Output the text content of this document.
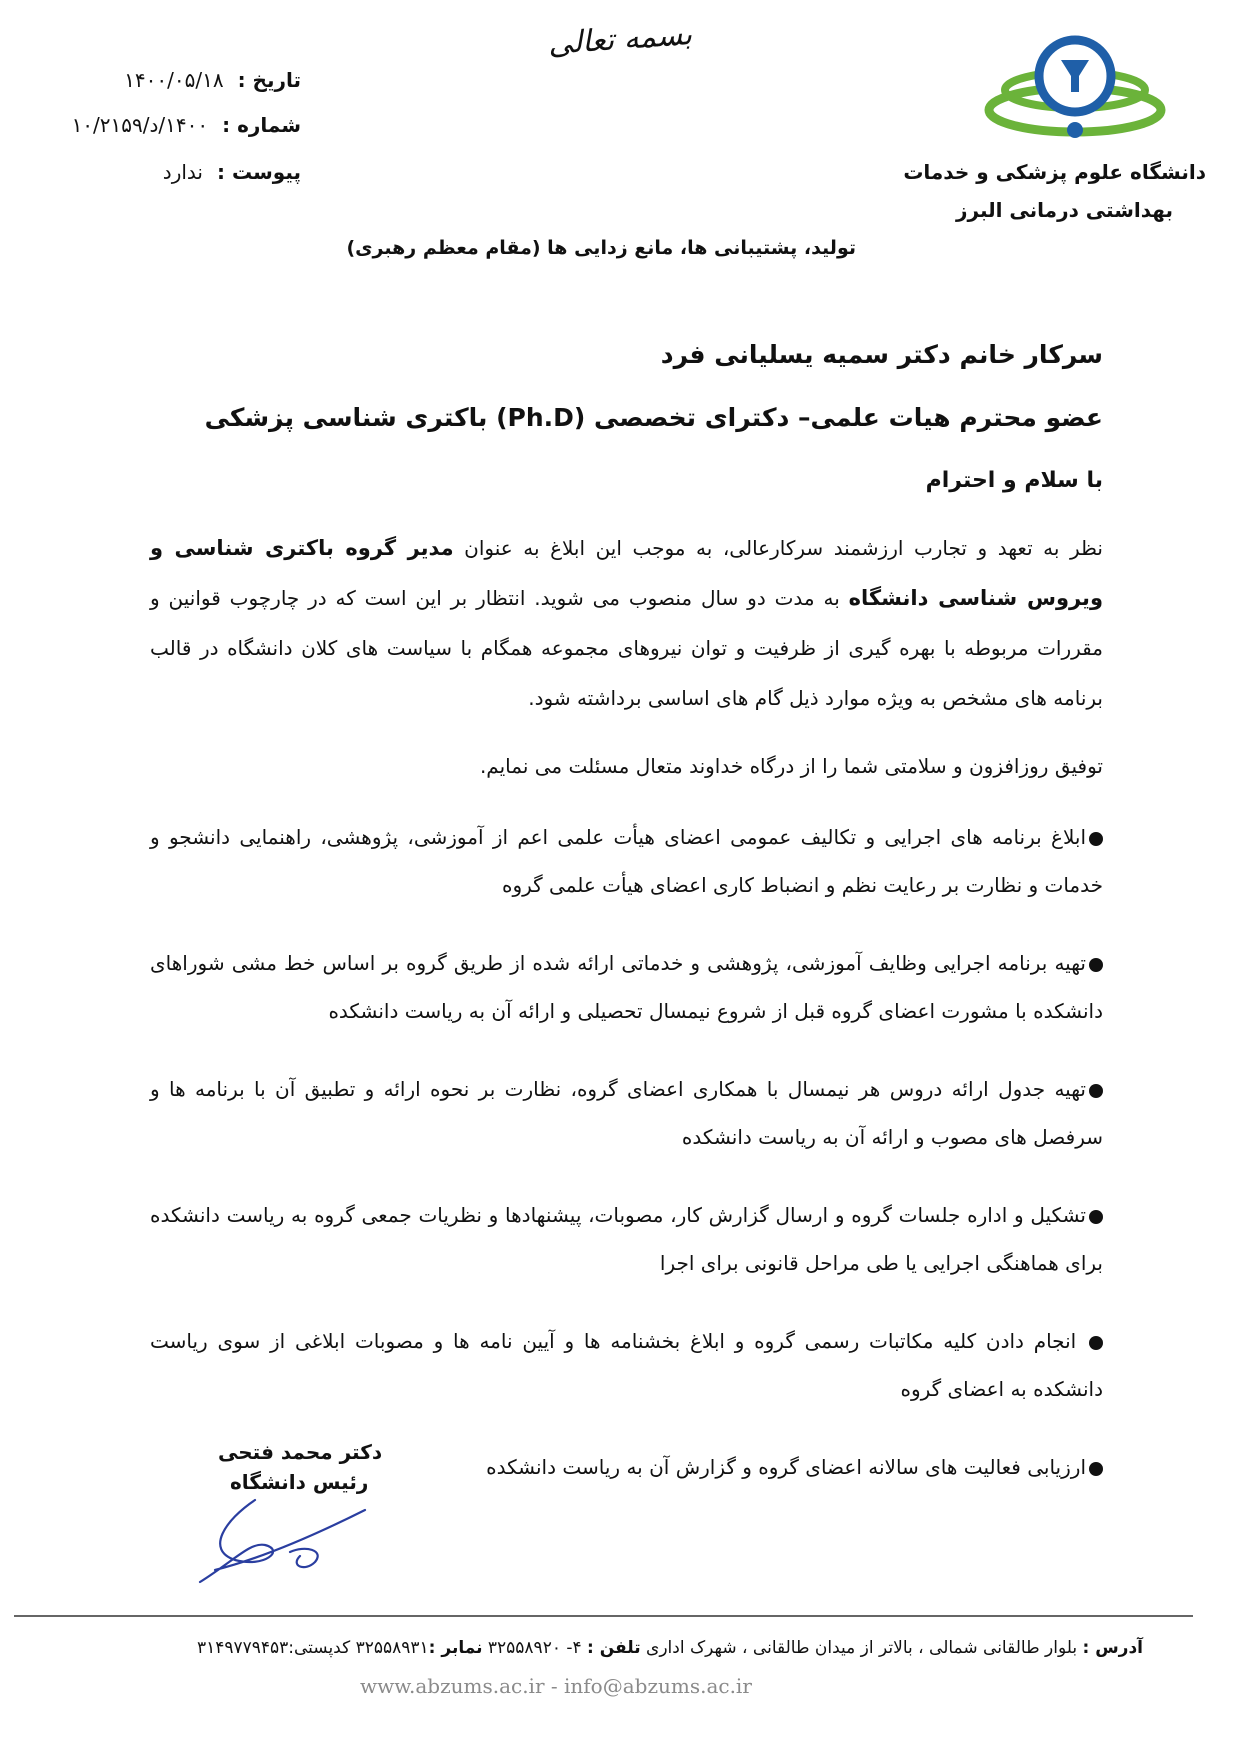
دانشگاه علوم پزشکی و خدمات
بهداشتی درمانی البرز
بسمه تعالی
تاریخ :
۱۴۰۰/۰۵/۱۸
شماره :
۱۴۰۰/د/۱۰/۲۱۵۹
پیوست :
ندارد
تولید، پشتیبانی ها، مانع زدایی ها (مقام معظم رهبری)

سرکار خانم دکتر سمیه یسلیانی فرد

عضو محترم هیات علمی– دکترای تخصصی (Ph.D) باکتری شناسی پزشکی

با سلام و احترام

نظر به تعهد و تجارب ارزشمند سرکارعالی، به موجب این ابلاغ به عنوان مدیر گروه باکتری شناسی و ویروس شناسی دانشگاه به مدت دو سال منصوب می شوید. انتظار بر این است که در چارچوب قوانین و مقررات مربوطه با بهره گیری از ظرفیت و توان نیروهای مجموعه همگام با سیاست های کلان دانشگاه در قالب برنامه های مشخص به ویژه موارد ذیل گام های اساسی برداشته شود.

توفیق روزافزون و سلامتی شما را از درگاه خداوند متعال مسئلت می نمایم.

ابلاغ برنامه های اجرایی و تکالیف عمومی اعضای هیأت علمی اعم از آموزشی، پژوهشی، راهنمایی دانشجو و خدمات و نظارت بر رعایت نظم و انضباط کاری اعضای هیأت علمی گروه

تهیه برنامه اجرایی وظایف آموزشی، پژوهشی و خدماتی ارائه شده از طریق گروه بر اساس خط مشی شوراهای دانشکده با مشورت اعضای گروه قبل از شروع نیمسال تحصیلی و ارائه آن به ریاست دانشکده

تهیه جدول ارائه دروس هر نیمسال با همکاری اعضای گروه، نظارت بر نحوه ارائه و تطبیق آن با برنامه ها و سرفصل های مصوب و ارائه آن به ریاست دانشکده

تشکیل و اداره جلسات گروه و ارسال گزارش کار، مصوبات، پیشنهادها و نظریات جمعی گروه به ریاست دانشکده برای هماهنگی اجرایی یا طی مراحل قانونی برای اجرا

انجام دادن کلیه مکاتبات رسمی گروه و ابلاغ بخشنامه ها و آیین نامه ها و مصوبات ابلاغی از سوی ریاست دانشکده به اعضای گروه

ارزیابی فعالیت های سالانه اعضای گروه و گزارش آن به ریاست دانشکده

دکتر محمد فتحی
رئیس دانشگاه
آدرس : بلوار طالقانی شمالی ، بالاتر از میدان طالقانی ، شهرک اداری تلفن : ۴- ۳۲۵۵۸۹۲۰ نمابر :۳۲۵۵۸۹۳۱ کدپستی:۳۱۴۹۷۷۹۴۵۳
www.abzums.ac.ir - info@abzums.ac.ir
